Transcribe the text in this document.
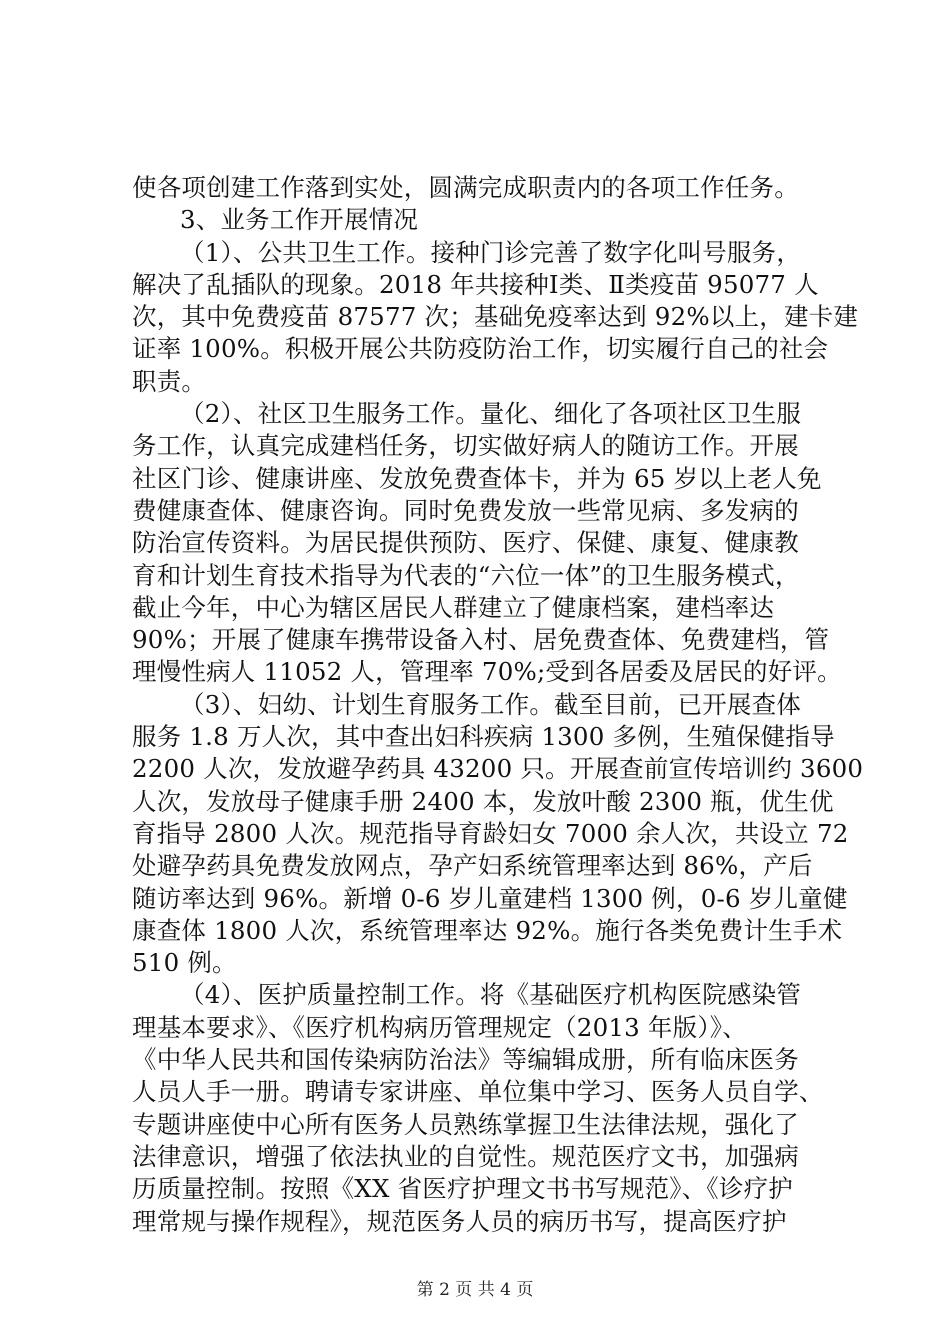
使各项创建工作落到实处，圆满完成职责内的各项工作任务。
3、业务工作开展情况
（1）、公共卫生工作。接种门诊完善了数字化叫号服务，
解决了乱插队的现象。2018 年共接种Ⅰ类、Ⅱ类疫苗 95077 人
次，其中免费疫苗 87577 次；基础免疫率达到 92%以上，建卡建
证率 100%。积极开展公共防疫防治工作，切实履行自己的社会
职责。
（2）、社区卫生服务工作。量化、细化了各项社区卫生服
务工作，认真完成建档任务，切实做好病人的随访工作。开展
社区门诊、健康讲座、发放免费查体卡，并为 65 岁以上老人免
费健康查体、健康咨询。同时免费发放一些常见病、多发病的
防治宣传资料。为居民提供预防、医疗、保健、康复、健康教
育和计划生育技术指导为代表的“六位一体”的卫生服务模式，
截止今年，中心为辖区居民人群建立了健康档案，建档率达
90%；开展了健康车携带设备入村、居免费查体、免费建档，管
理慢性病人 11052 人，管理率 70%;受到各居委及居民的好评。
（3）、妇幼、计划生育服务工作。截至目前，已开展查体
服务 1.8 万人次，其中查出妇科疾病 1300 多例，生殖保健指导
2200 人次，发放避孕药具 43200 只。开展查前宣传培训约 3600
人次，发放母子健康手册 2400 本，发放叶酸 2300 瓶，优生优
育指导 2800 人次。规范指导育龄妇女 7000 余人次，共设立 72
处避孕药具免费发放网点，孕产妇系统管理率达到 86%，产后
随访率达到 96%。新增 0-6 岁儿童建档 1300 例，0-6 岁儿童健
康查体 1800 人次，系统管理率达 92%。施行各类免费计生手术
510 例。
（4）、医护质量控制工作。将《基础医疗机构医院感染管
理基本要求》、《医疗机构病历管理规定（2013 年版）》、
《中华人民共和国传染病防治法》等编辑成册，所有临床医务
人员人手一册。聘请专家讲座、单位集中学习、医务人员自学、
专题讲座使中心所有医务人员熟练掌握卫生法律法规，强化了
法律意识，增强了依法执业的自觉性。规范医疗文书，加强病
历质量控制。按照《XX 省医疗护理文书书写规范》、《诊疗护
理常规与操作规程》，规范医务人员的病历书写，提高医疗护
第 2 页 共 4 页
